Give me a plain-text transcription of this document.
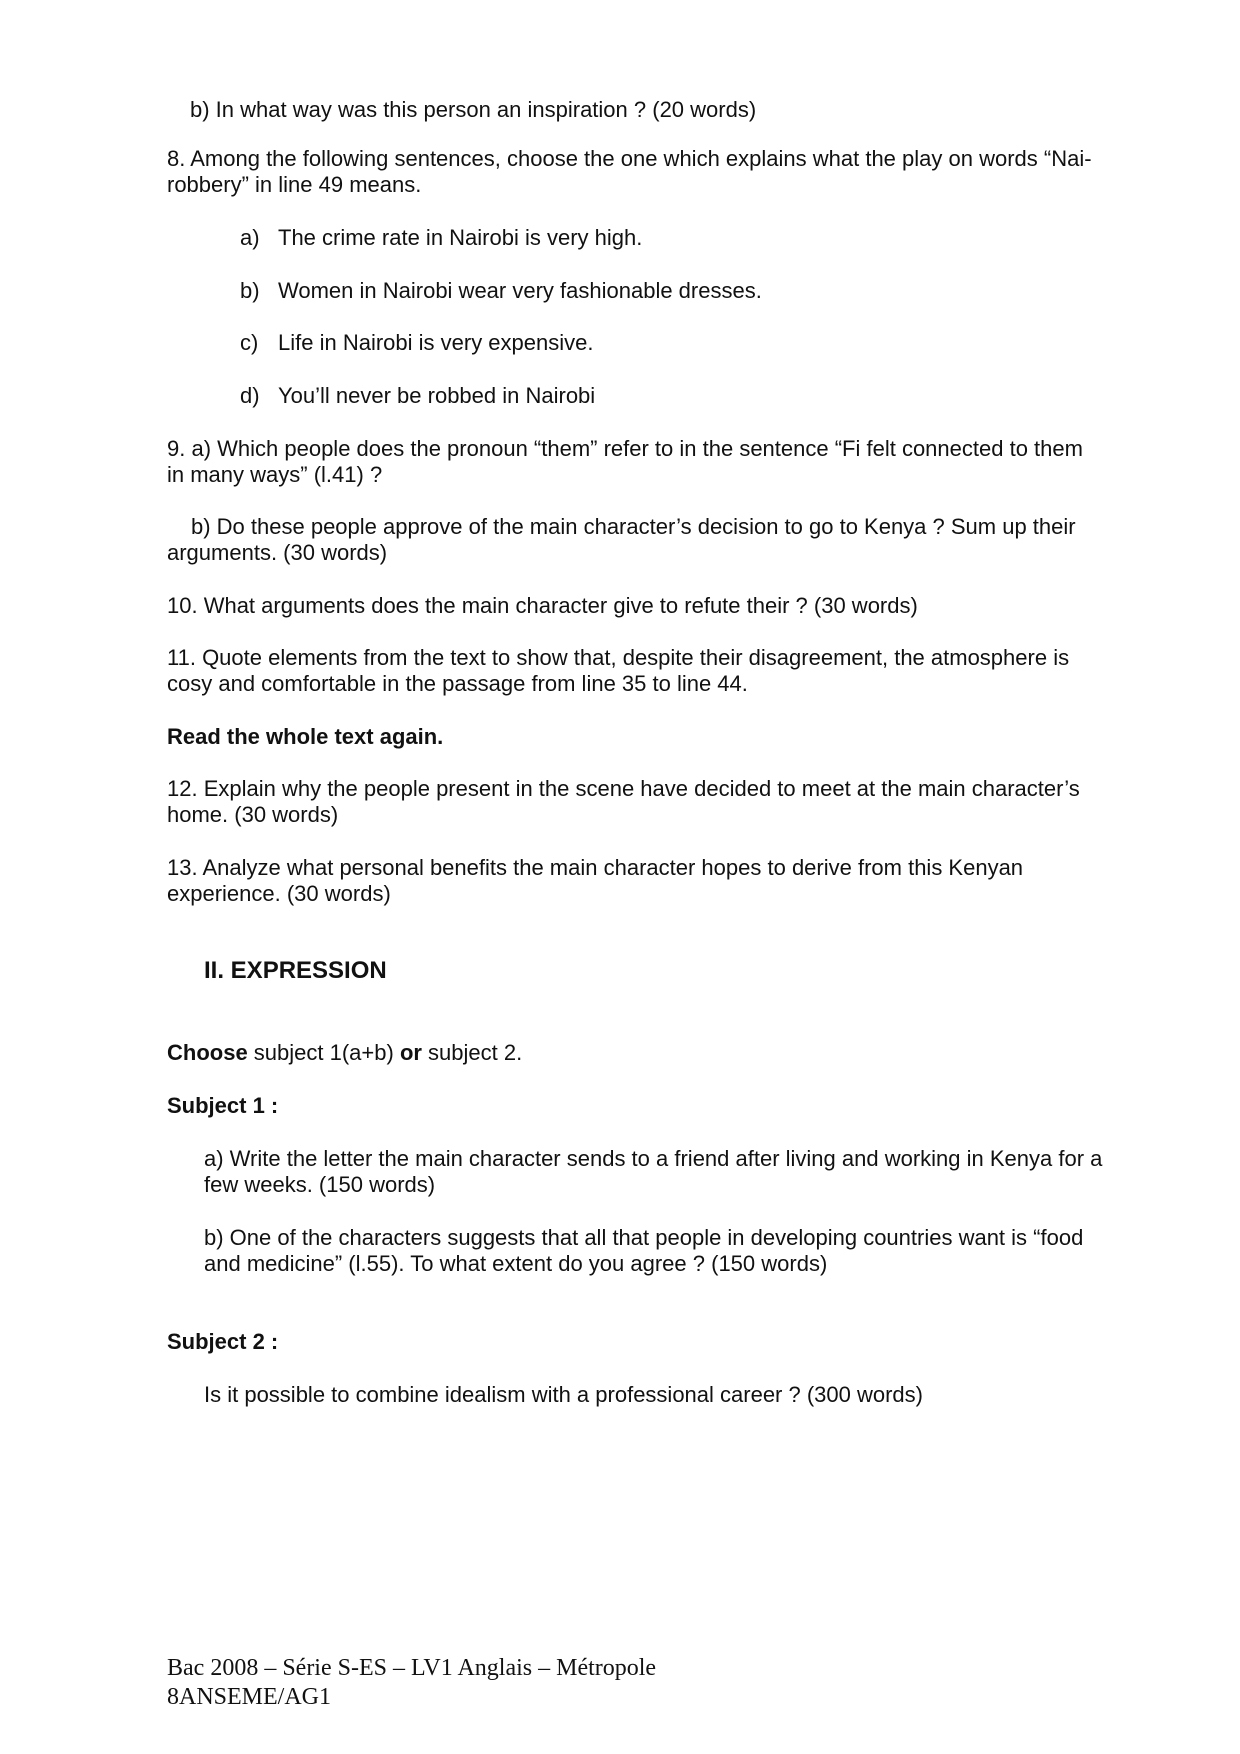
b) In what way was this person an inspiration ? (20 words)

8. Among the following sentences, choose the one which explains what the play on words “Nai-robbery” in line 49 means.

a) The crime rate in Nairobi is very high.
b) Women in Nairobi wear very fashionable dresses.
c) Life in Nairobi is very expensive.
d) You’ll never be robbed in Nairobi

9. a) Which people does the pronoun “them” refer to in the sentence “Fi felt connected to them in many ways” (l.41) ?

b) Do these people approve of the main character’s decision to go to Kenya ? Sum up their arguments. (30 words)

10. What arguments does the main character give to refute their ? (30 words)

11. Quote elements from the text to show that, despite their disagreement, the atmosphere is cosy and comfortable in the passage from line 35 to line 44.

Read the whole text again.

12. Explain why the people present in the scene have decided to meet at the main character’s home. (30 words)

13. Analyze what personal benefits the main character hopes to derive from this Kenyan experience. (30 words)

II. EXPRESSION

Choose subject 1(a+b) or subject 2.

Subject 1 :

a) Write the letter the main character sends to a friend after living and working in Kenya for a few weeks. (150 words)

b) One of the characters suggests that all that people in developing countries want is “food and medicine” (l.55). To what extent do you agree ? (150 words)

Subject 2 :

Is it possible to combine idealism with a professional career ? (300 words)

Bac 2008 – Série S-ES – LV1 Anglais – Métropole
8ANSEME/AG1
